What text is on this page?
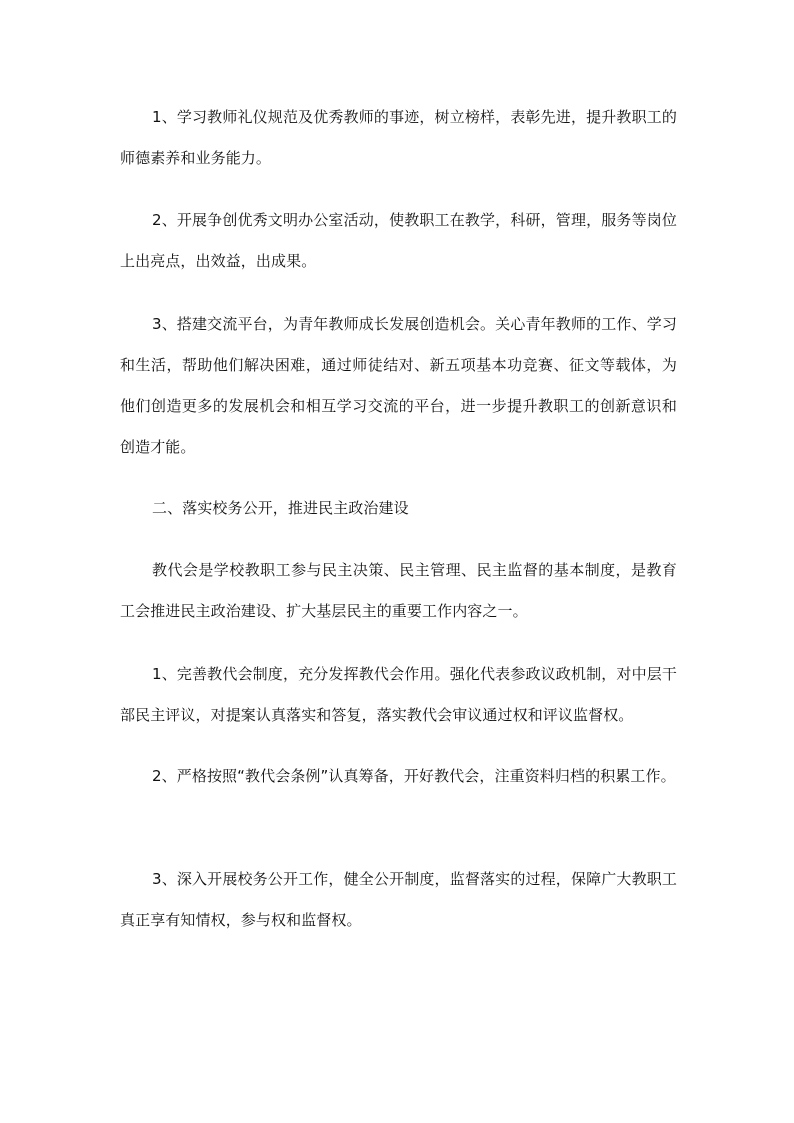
1、学习教师礼仪规范及优秀教师的事迹，树立榜样，表彰先进，提升教职工的师德素养和业务能力。

2、开展争创优秀文明办公室活动，使教职工在教学，科研，管理，服务等岗位上出亮点，出效益，出成果。

3、搭建交流平台，为青年教师成长发展创造机会。关心青年教师的工作、学习和生活，帮助他们解决困难，通过师徒结对、新五项基本功竞赛、征文等载体，为他们创造更多的发展机会和相互学习交流的平台，进一步提升教职工的创新意识和创造才能。

二、落实校务公开，推进民主政治建设

教代会是学校教职工参与民主决策、民主管理、民主监督的基本制度，是教育工会推进民主政治建设、扩大基层民主的重要工作内容之一。

1、完善教代会制度，充分发挥教代会作用。强化代表参政议政机制，对中层干部民主评议，对提案认真落实和答复，落实教代会审议通过权和评议监督权。

2、严格按照“教代会条例”认真筹备，开好教代会，注重资料归档的积累工作。

3、深入开展校务公开工作，健全公开制度，监督落实的过程，保障广大教职工真正享有知情权，参与权和监督权。
